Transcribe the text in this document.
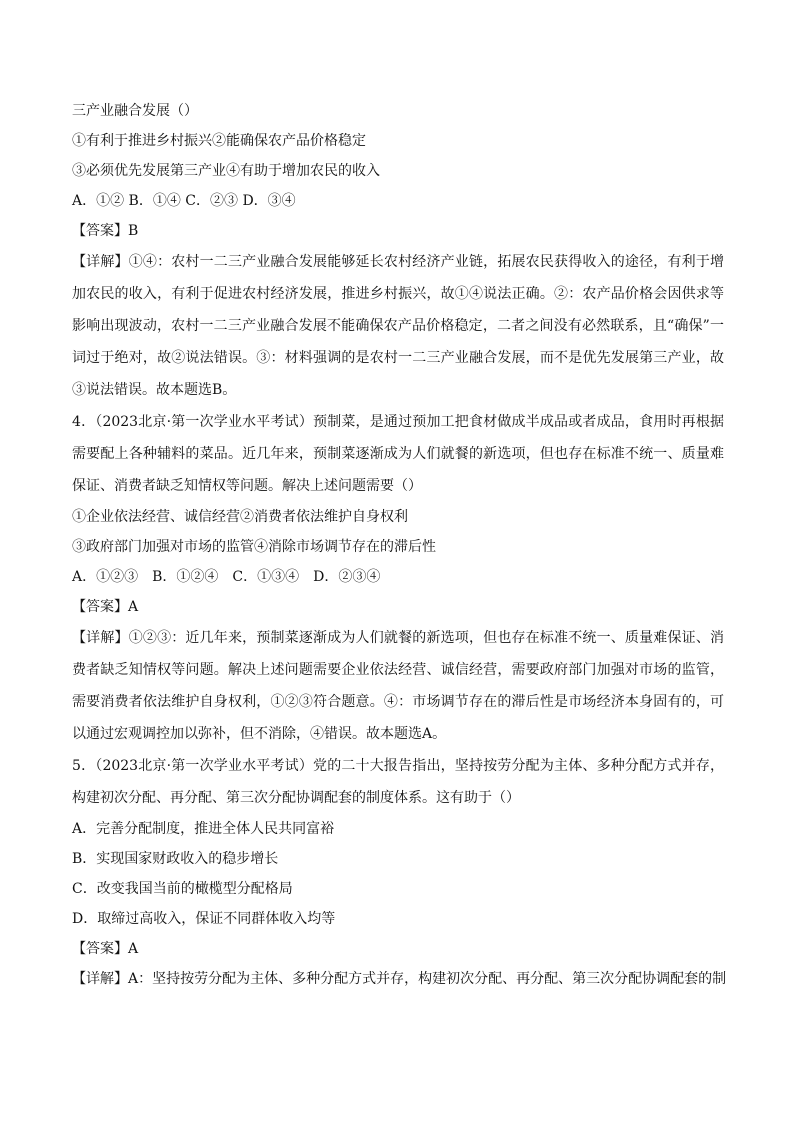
三产业融合发展（）
①有利于推进乡村振兴②能确保农产品价格稳定
③必须优先发展第三产业④有助于增加农民的收入
A．①② B．①④ C．②③ D．③④
【答案】B
【详解】①④：农村一二三产业融合发展能够延长农村经济产业链，拓展农民获得收入的途径，有利于增加农民的收入，有利于促进农村经济发展，推进乡村振兴，故①④说法正确。②：农产品价格会因供求等影响出现波动，农村一二三产业融合发展不能确保农产品价格稳定，二者之间没有必然联系，且“确保”一词过于绝对，故②说法错误。③：材料强调的是农村一二三产业融合发展，而不是优先发展第三产业，故③说法错误。故本题选B。
4．（2023北京·第一次学业水平考试）预制菜，是通过预加工把食材做成半成品或者成品，食用时再根据需要配上各种辅料的菜品。近几年来，预制菜逐渐成为人们就餐的新选项，但也存在标准不统一、质量难保证、消费者缺乏知情权等问题。解决上述问题需要（）
①企业依法经营、诚信经营②消费者依法维护自身权利
③政府部门加强对市场的监管④消除市场调节存在的滞后性
A．①②③　B．①②④　C．①③④　D．②③④
【答案】A
【详解】①②③：近几年来，预制菜逐渐成为人们就餐的新选项，但也存在标准不统一、质量难保证、消费者缺乏知情权等问题。解决上述问题需要企业依法经营、诚信经营，需要政府部门加强对市场的监管，需要消费者依法维护自身权利，①②③符合题意。④：市场调节存在的滞后性是市场经济本身固有的，可以通过宏观调控加以弥补，但不消除，④错误。故本题选A。
5．（2023北京·第一次学业水平考试）党的二十大报告指出，坚持按劳分配为主体、多种分配方式并存，构建初次分配、再分配、第三次分配协调配套的制度体系。这有助于（）
A．完善分配制度，推进全体人民共同富裕
B．实现国家财政收入的稳步增长
C．改变我国当前的橄榄型分配格局
D．取缔过高收入，保证不同群体收入均等
【答案】A
【详解】A：坚持按劳分配为主体、多种分配方式并存，构建初次分配、再分配、第三次分配协调配套的制
